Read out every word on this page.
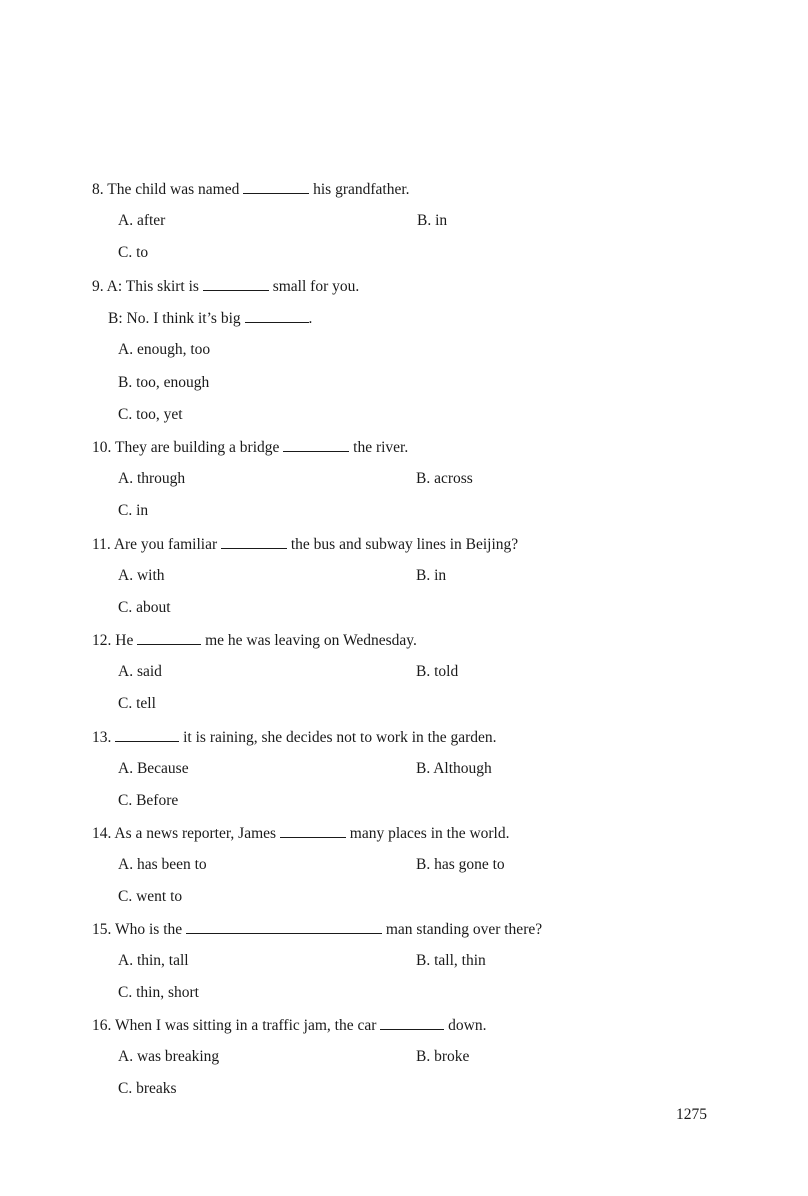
8. The child was named	his grandfather.
A. after	B. in
C. to
9. A: This skirt is	small for you.
B: No. I think it’s big	.
A. enough, too
B. too, enough
C. too, yet
10. They are building a bridge	the river.
A. through	B. across
C. in
11. Are you familiar	the bus and subway lines in Beijing?
A. with	B. in
C. about
12. He	me he was leaving on Wednesday.
A. said	B. told
C. tell
13.	it is raining, she decides not to work in the garden.
A. Because	B. Although
C. Before
14. As a news reporter, James	many places in the world.
A. has been to	B. has gone to
C. went to
15. Who is the	man standing over there?
A. thin, tall	B. tall, thin
C. thin, short
16. When I was sitting in a traffic jam, the car	down.
A. was breaking	B. broke
C. breaks
1275
